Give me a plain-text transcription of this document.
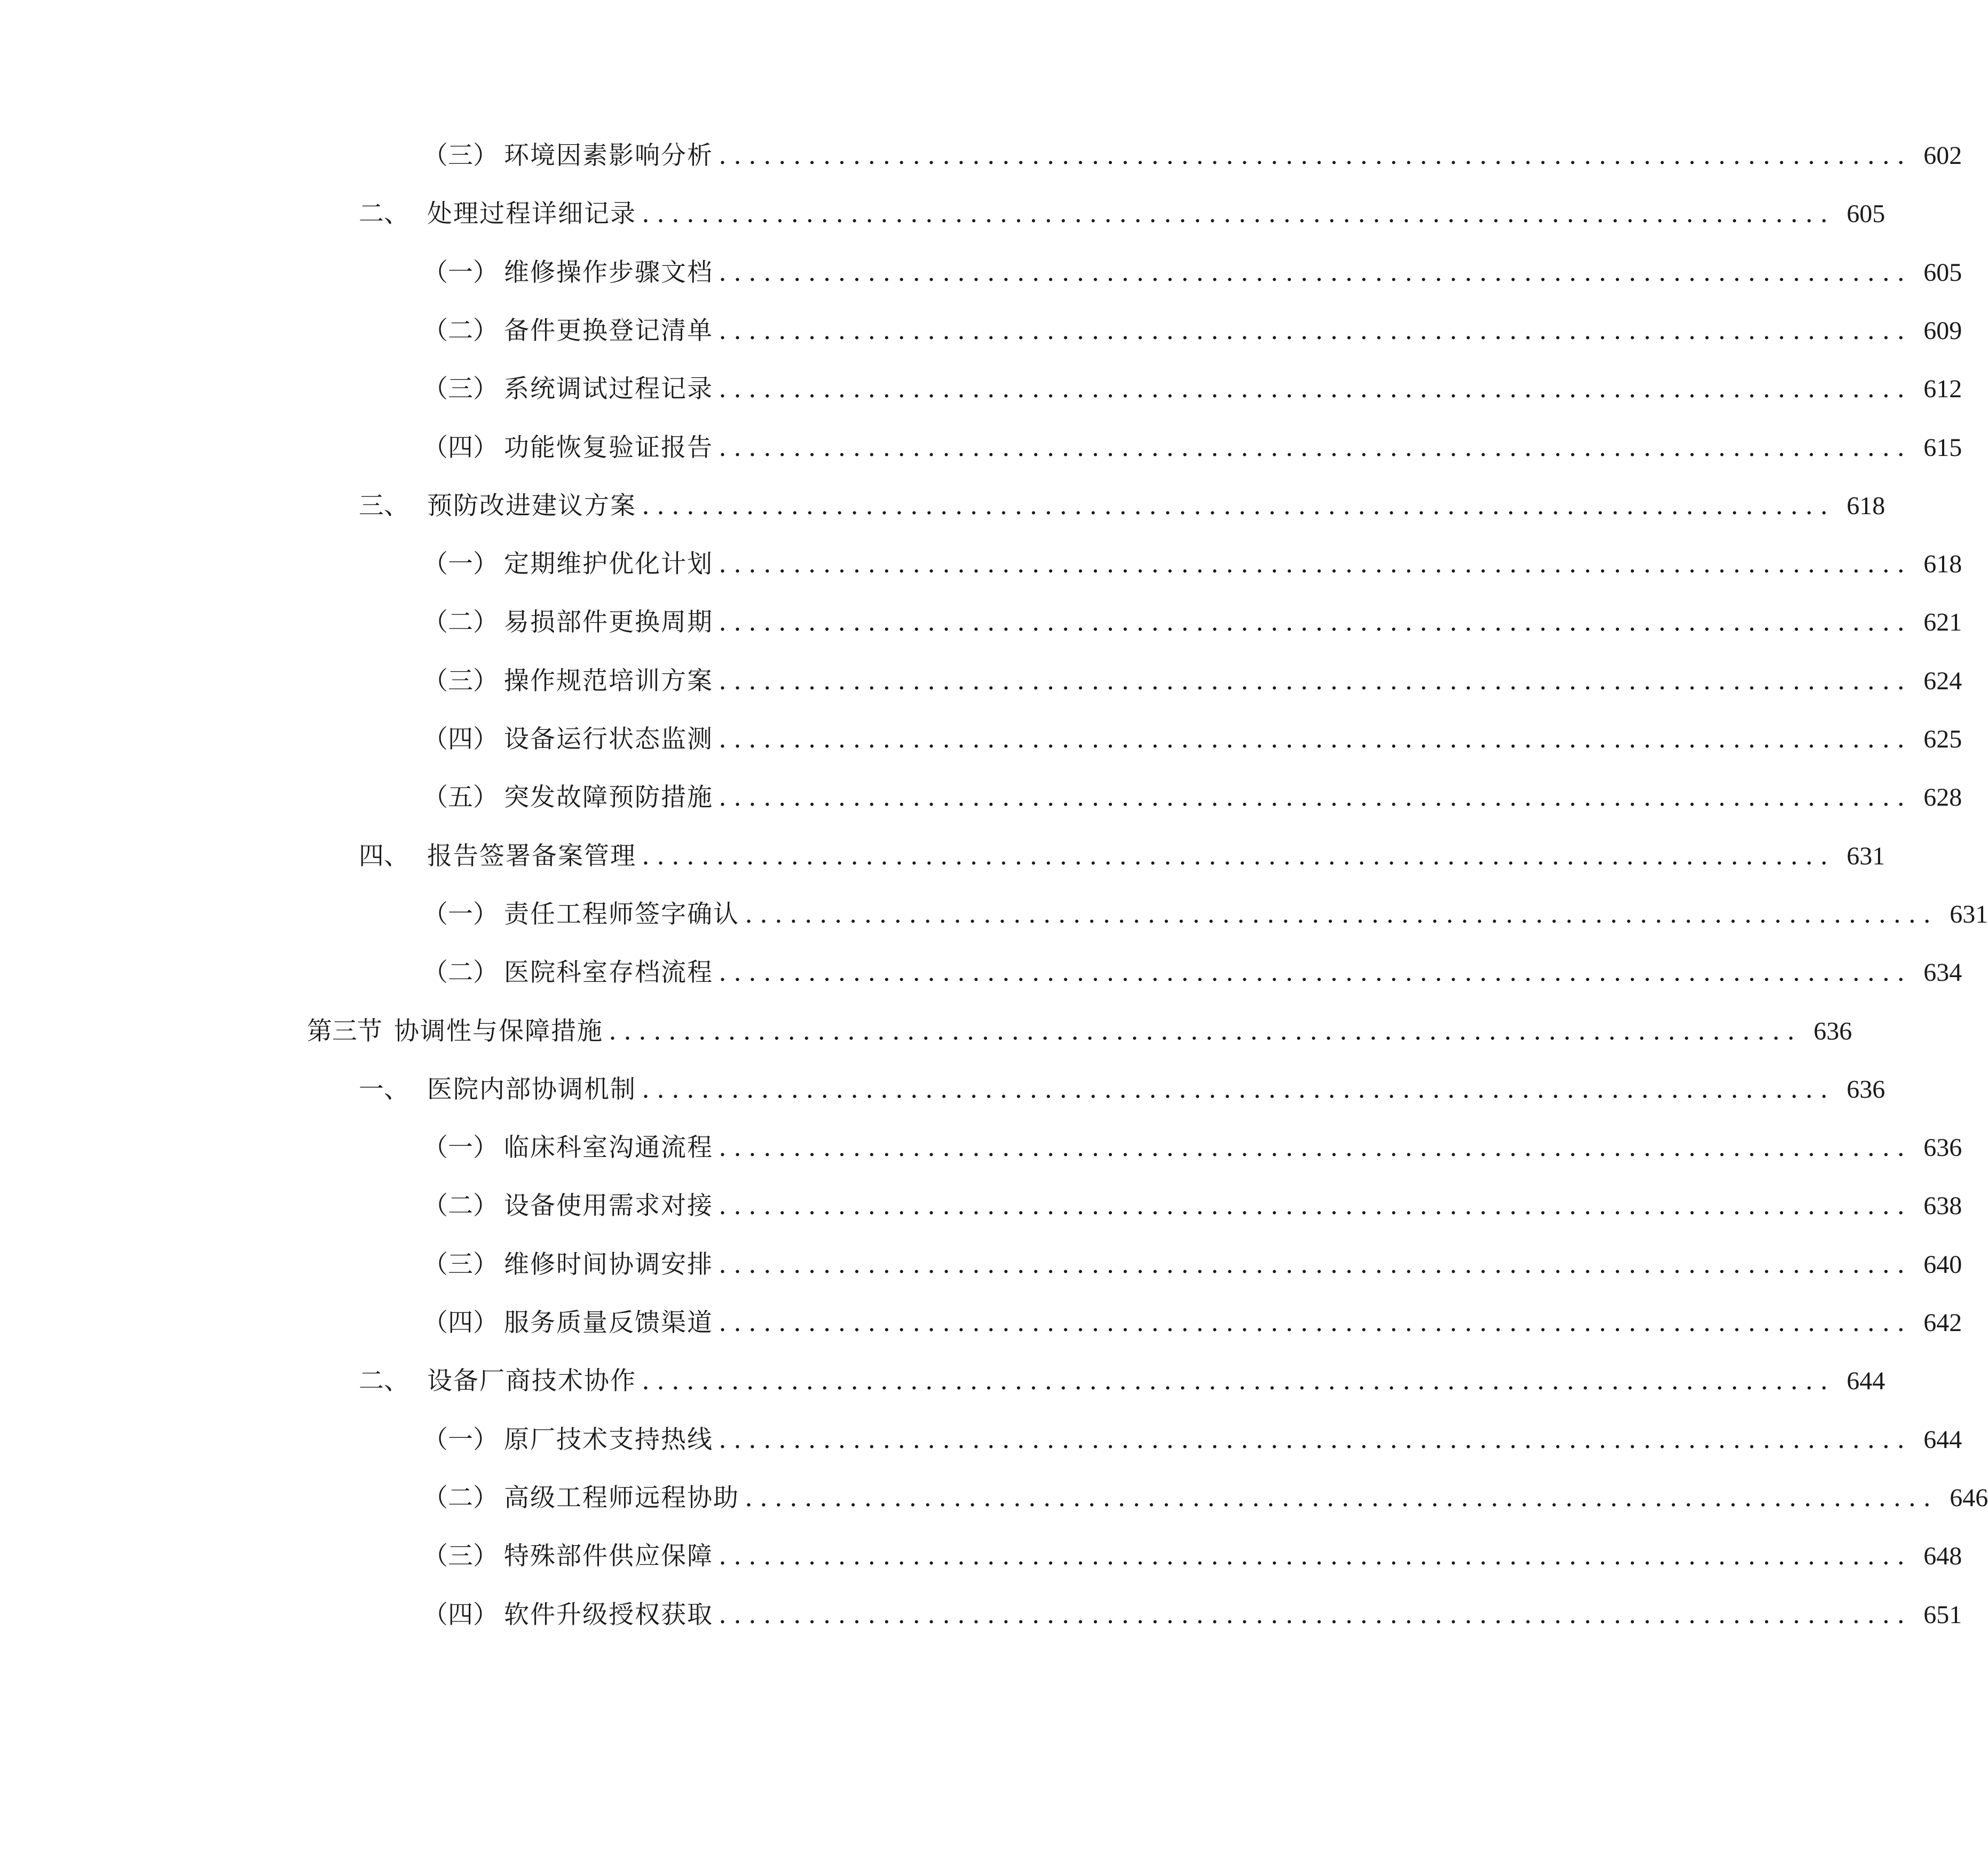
（三） 环境因素影响分析 ................................................................................ 602
二、 处理过程详细记录 ................................................................................ 605
（一） 维修操作步骤文档 ................................................................................ 605
（二） 备件更换登记清单 ................................................................................ 609
（三） 系统调试过程记录 ................................................................................ 612
（四） 功能恢复验证报告 ................................................................................ 615
三、 预防改进建议方案 ................................................................................ 618
（一） 定期维护优化计划 ................................................................................ 618
（二） 易损部件更换周期 ................................................................................ 621
（三） 操作规范培训方案 ................................................................................ 624
（四） 设备运行状态监测 ................................................................................ 625
（五） 突发故障预防措施 ................................................................................ 628
四、 报告签署备案管理 ................................................................................ 631
（一） 责任工程师签字确认 ................................................................................ 631
（二） 医院科室存档流程 ................................................................................ 634
第三节 协调性与保障措施 ................................................................................ 636
一、 医院内部协调机制 ................................................................................ 636
（一） 临床科室沟通流程 ................................................................................ 636
（二） 设备使用需求对接 ................................................................................ 638
（三） 维修时间协调安排 ................................................................................ 640
（四） 服务质量反馈渠道 ................................................................................ 642
二、 设备厂商技术协作 ................................................................................ 644
（一） 原厂技术支持热线 ................................................................................ 644
（二） 高级工程师远程协助 ................................................................................ 646
（三） 特殊部件供应保障 ................................................................................ 648
（四） 软件升级授权获取 ................................................................................ 651
